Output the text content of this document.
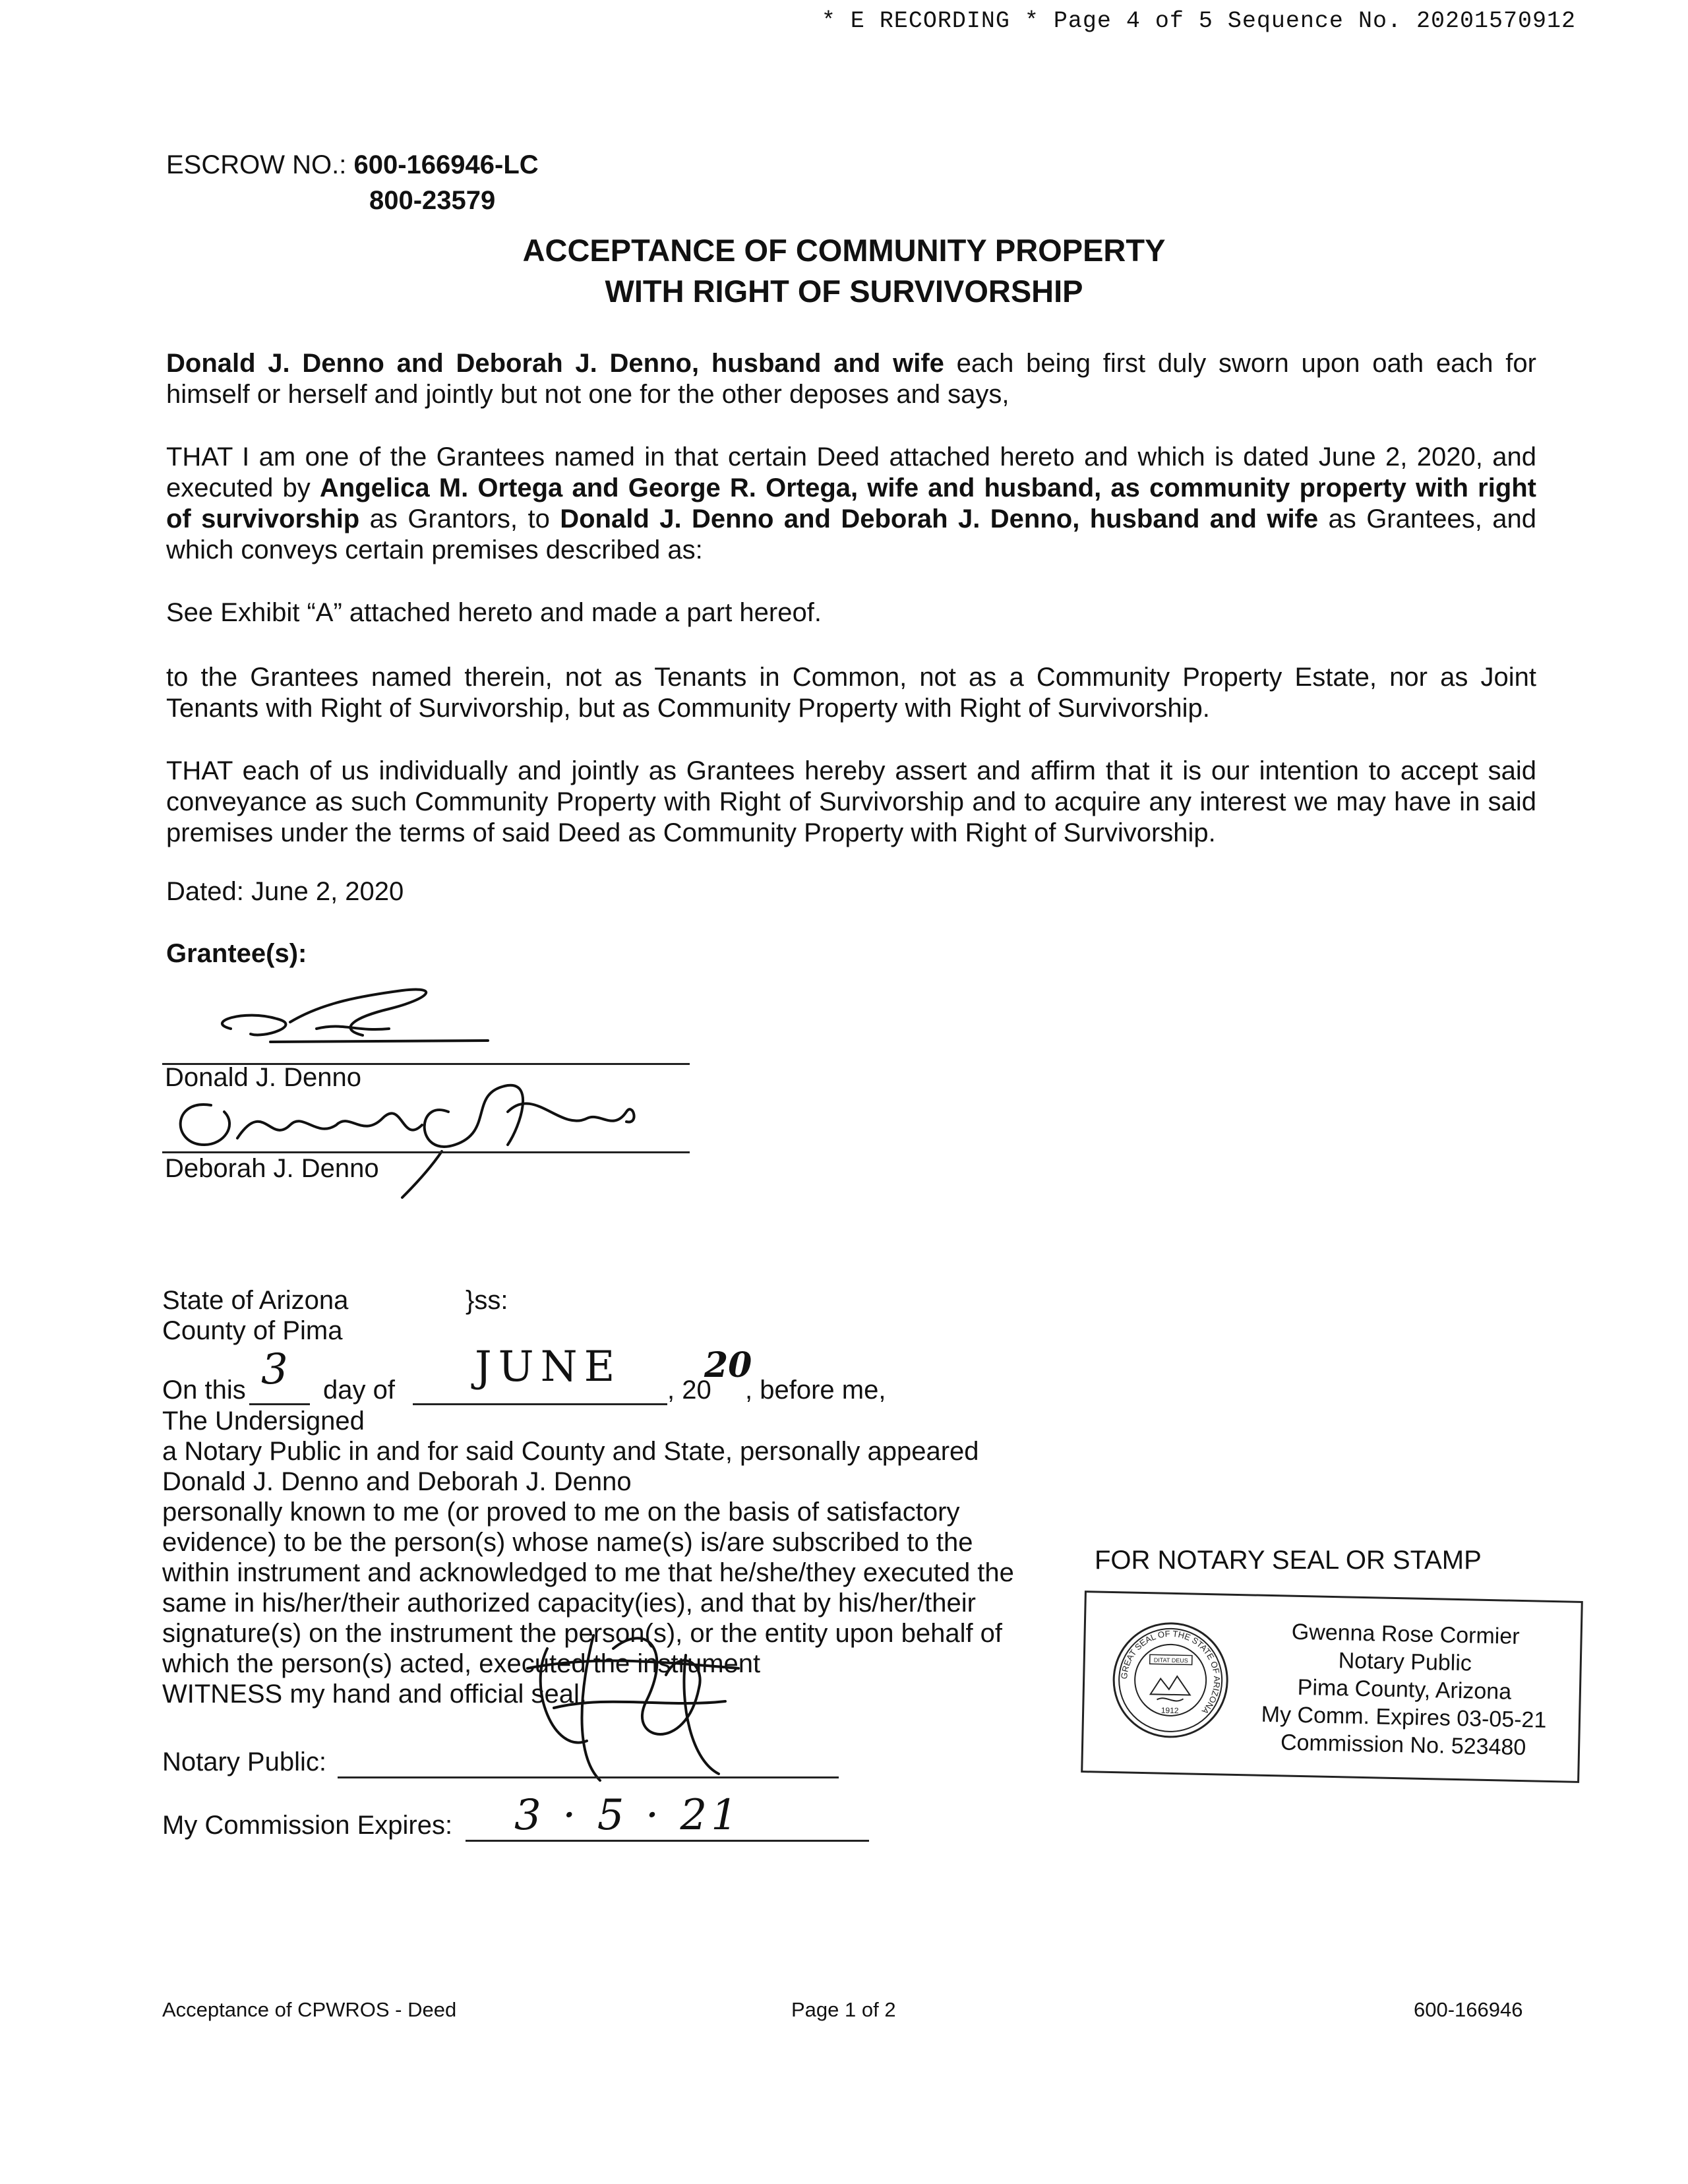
* E RECORDING * Page 4 of 5 Sequence No. 20201570912
ESCROW NO.: 600-166946-LC
800-23579
ACCEPTANCE OF COMMUNITY PROPERTY
WITH RIGHT OF SURVIVORSHIP
Donald J. Denno and Deborah J. Denno, husband and wife each being first duly sworn upon oath each for himself or herself and jointly but not one for the other deposes and says,
THAT I am one of the Grantees named in that certain Deed attached hereto and which is dated June 2, 2020, and executed by Angelica M. Ortega and George R. Ortega, wife and husband, as community property with right of survivorship as Grantors, to Donald J. Denno and Deborah J. Denno, husband and wife as Grantees, and which conveys certain premises described as:
See Exhibit “A” attached hereto and made a part hereof.
to the Grantees named therein, not as Tenants in Common, not as a Community Property Estate, nor as Joint Tenants with Right of Survivorship, but as Community Property with Right of Survivorship.
THAT each of us individually and jointly as Grantees hereby assert and affirm that it is our intention to accept said conveyance as such Community Property with Right of Survivorship and to acquire any interest we may have in said premises under the terms of said Deed as Community Property with Right of Survivorship.
Dated: June 2, 2020
Grantee(s):
Donald J. Denno
Deborah J. Denno
State of Arizona	}ss:
County of Pima
On this 3 day of JUNE , 20
20
, before me,
The Undersigned
a Notary Public in and for said County and State, personally appeared
Donald J. Denno and Deborah J. Denno
personally known to me (or proved to me on the basis of satisfactory
evidence) to be the person(s) whose name(s) is/are subscribed to the
within instrument and acknowledged to me that he/she/they executed the
same in his/her/their authorized capacity(ies), and that by his/her/their
signature(s) on the instrument the person(s), or the entity upon behalf of
which the person(s) acted, executed the instrument
WITNESS my hand and official seal.
Notary Public:
My Commission Expires: 3 · 5 · 21
FOR NOTARY SEAL OR STAMP
GREAT SEAL OF THE STATE OF ARIZONA
DITAT DEUS
1912
Gwenna Rose Cormier
Notary Public
Pima County, Arizona
My Comm. Expires 03-05-21
Commission No. 523480
Acceptance of CPWROS - Deed	Page 1 of 2	600-166946
